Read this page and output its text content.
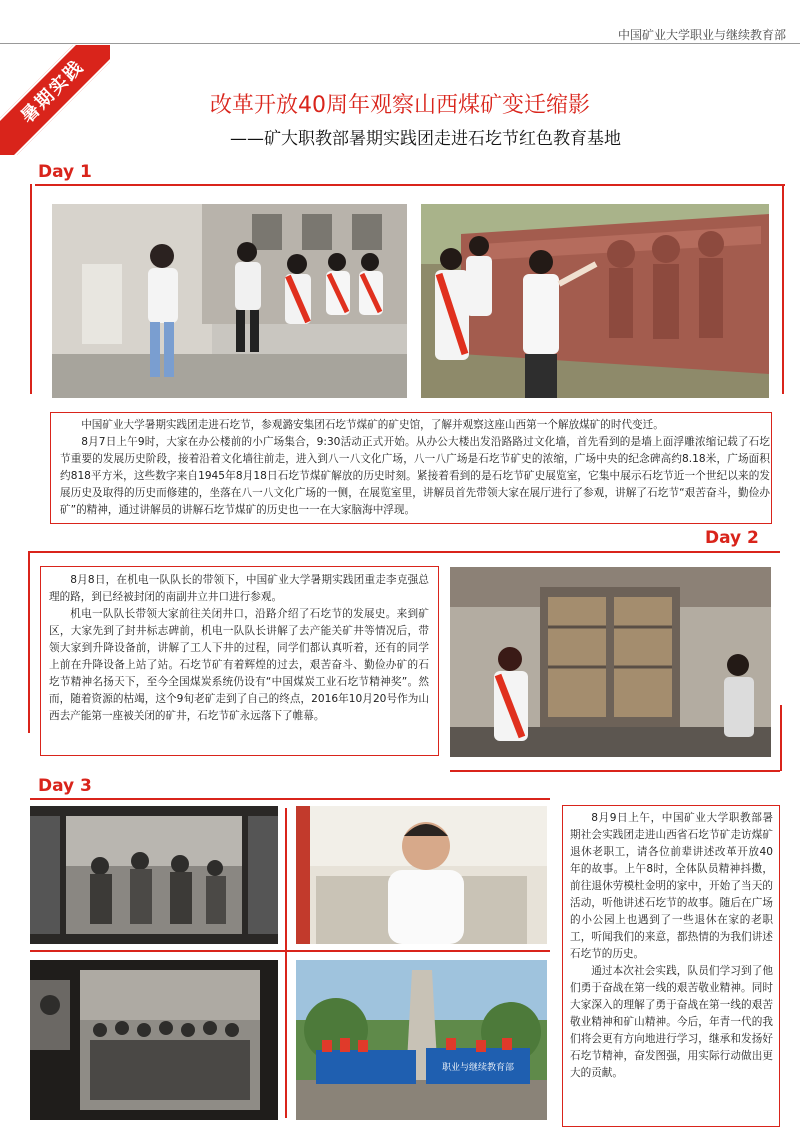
中国矿业大学职业与继续教育部
暑期实践	改革开放40周年观察山西煤矿变迁缩影
——矿大职教部暑期实践团走进石圪节红色教育基地
Day 1

中国矿业大学暑期实践团走进石圪节，参观潞安集团石圪节煤矿的矿史馆，了解并观察这座山西第一个解放煤矿的时代变迁。

8月7日上午9时，大家在办公楼前的小广场集合，9:30活动正式开始。从办公大楼出发沿路路过文化墙，首先看到的是墙上面浮雕浓缩记载了石圪节重要的发展历史阶段，接着沿着文化墙往前走，进入到八一八文化广场，八一八广场是石圪节矿史的浓缩，广场中央的纪念碑高约8.18米，广场面积约818平方米，这些数字来自1945年8月18日石圪节煤矿解放的历史时刻。紧接着看到的是石圪节矿史展览室，它集中展示石圪节近一个世纪以来的发展历史及取得的历史而修建的，坐落在八一八文化广场的一侧，在展览室里，讲解员首先带领大家在展厅进行了参观，讲解了石圪节“艰苦奋斗，勤俭办矿”的精神，通过讲解员的讲解石圪节煤矿的历史也一一在大家脑海中浮现。

Day 2

8月8日，在机电一队队长的带领下，中国矿业大学暑期实践团重走李克强总理的路，到已经被封闭的南副井立井口进行参观。

机电一队队长带领大家前往关闭井口，沿路介绍了石圪节的发展史。来到矿区，大家先到了封井标志碑前，机电一队队长讲解了去产能关矿井等情况后，带领大家到升降设备前，讲解了工人下井的过程，同学们都认真听着，还有的同学上前在升降设备上站了站。石圪节矿有着辉煌的过去，艰苦奋斗、勤俭办矿的石圪节精神名扬天下，至今全国煤炭系统仍设有“中国煤炭工业石圪节精神奖”。然而，随着资源的枯竭，这个9旬老矿走到了自己的终点，2016年10月20号作为山西去产能第一座被关闭的矿井，石圪节矿永远落下了帷幕。

Day 3
职业与继续教育部

8月9日上午，中国矿业大学职教部暑期社会实践团走进山西省石圪节矿走访煤矿退休老职工，请各位前辈讲述改革开放40年的故事。上午8时，全体队员精神抖擞，前往退休劳模杜金明的家中，开始了当天的活动，听他讲述石圪节的故事。随后在广场的小公园上也遇到了一些退休在家的老职工，听闻我们的来意，都热情的为我们讲述石圪节的历史。

通过本次社会实践，队员们学习到了他们勇于奋战在第一线的艰苦敬业精神。同时大家深入的理解了勇于奋战在第一线的艰苦敬业精神和矿山精神。今后，年青一代的我们将会更有方向地进行学习，继承和发扬好石圪节精神，奋发图强，用实际行动做出更大的贡献。
